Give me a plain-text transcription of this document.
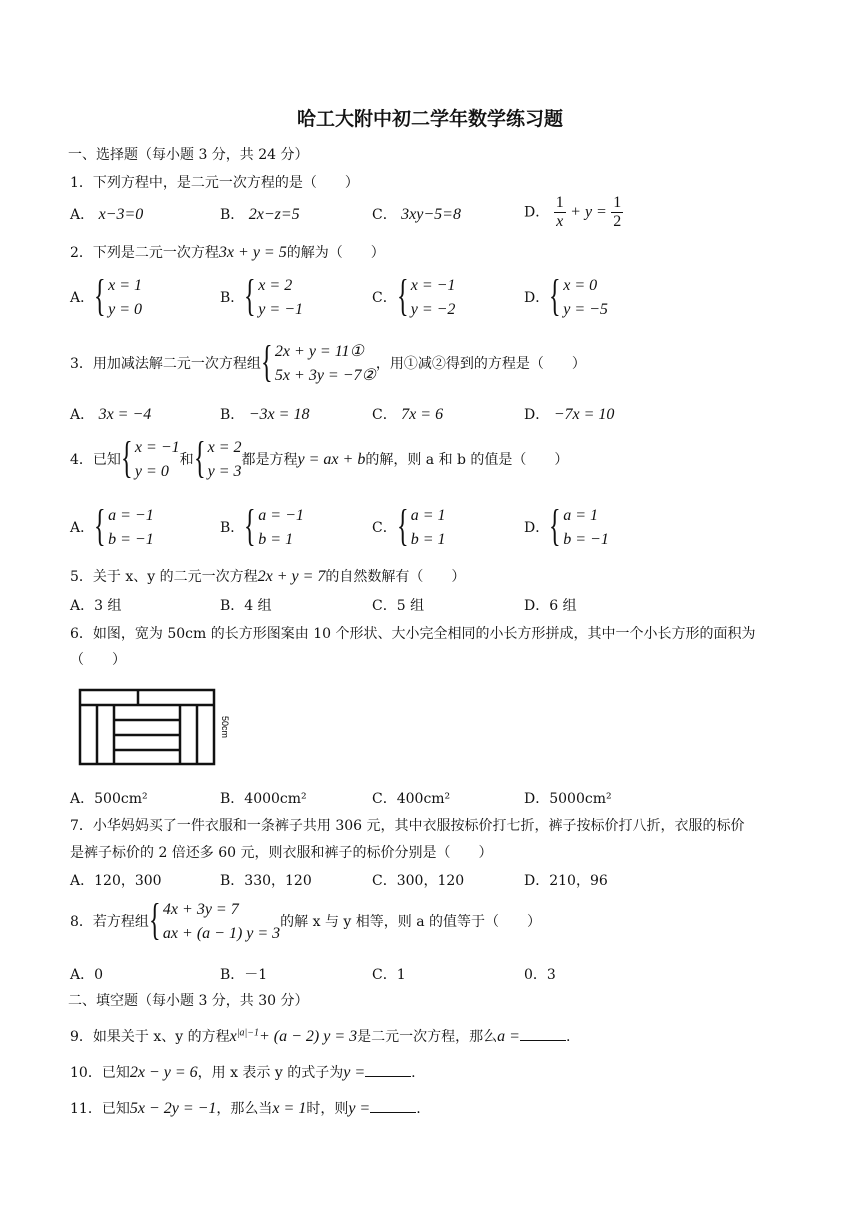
哈工大附中初二学年数学练习题
一、选择题（每小题 3 分，共 24 分）
1．下列方程中，是二元一次方程的是（　　）
A． x−3=0	B． 2x−z=5	C． 3xy−5=8	D． $\frac{1}{x} + y = \frac{1}{2}$
2．下列是二元一次方程3x + y = 5的解为（　　）
A． { x = 1
y = 0
B． { x = 2
y = −1
C． { x = −1
y = −2
D． { x = 0
y = −5
3．用加减法解二元一次方程组 { 2x + y = 11①
5x + 3y = −7②
，用①减②得到的方程是（　　）
A． 3x = −4	B． −3x = 18	C． 7x = 6	D． −7x = 10
4．已知 { x = −1
y = 0
和 { x = 2
y = 3
都是方程y = ax + b的解，则 a 和 b 的值是（　　）
A． { a = −1
b = −1
B． { a = −1
b = 1
C． { a = 1
b = 1
D． { a = 1
b = −1
5．关于 x、y 的二元一次方程2x + y = 7的自然数解有（　　）
A．3 组	B．4 组	C．5 组	D．6 组
6．如图，宽为 50cm 的长方形图案由 10 个形状、大小完全相同的小长方形拼成，其中一个小长方形的面积为
（　　）
50cm
A．500cm²	B．4000cm²	C．400cm²	D．5000cm²
7．小华妈妈买了一件衣服和一条裤子共用 306 元，其中衣服按标价打七折，裤子按标价打八折，衣服的标价
是裤子标价的 2 倍还多 60 元，则衣服和裤子的标价分别是（　　）
A．120，300	B．330，120	C．300，120	D．210，96
8．若方程组 { 4x + 3y = 7
ax + (a − 1) y = 3
的解 x 与 y 相等，则 a 的值等于（　　）
A．0	B．－1	C．1	0．3
二、填空题（每小题 3 分，共 30 分）
9．如果关于 x、y 的方程$x^{|a|-1}+ (a - 2) y = 3$是二元一次方程，那么a =	.
10．已知2x − y = 6，用 x 表示 y 的式子为y =	.
11．已知5x − 2y = −1，那么当x = 1时，则y =	.
